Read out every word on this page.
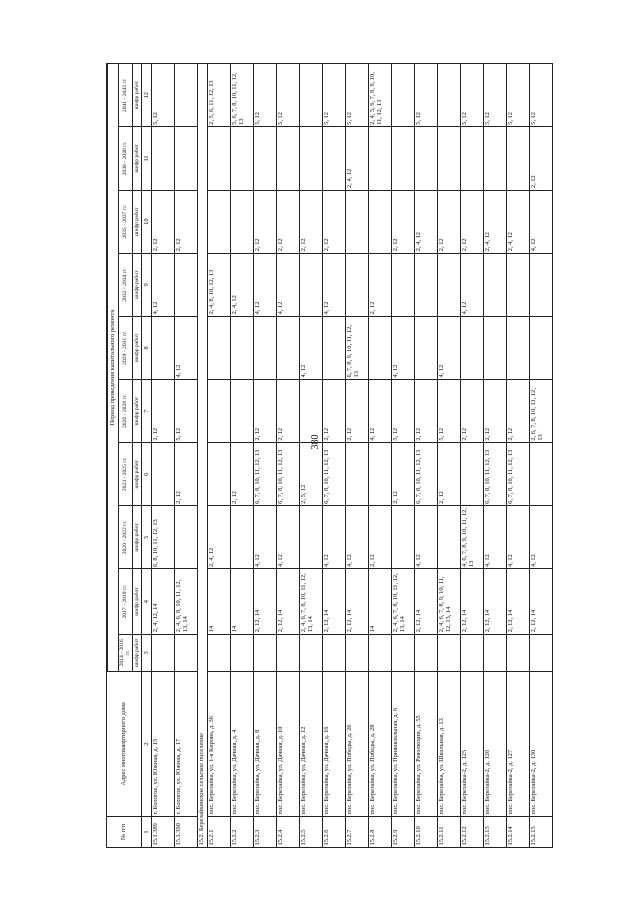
380
№ п/п	Адрес многоквартирного дома										
		Период проведения капитального ремонта									
		2014 - 2016 гг.	2017 - 2019 гг.	2020 - 2022 гг.	2023 - 2025 гг.	2026 - 2028 гг.	2029 - 2031 гг.	2032 - 2034 гг.	2035 - 2037 гг.	2038 - 2040 гг.	2041 - 2043 гг.
		шифр работ	шифр работ	шифр работ	шифр работ	шифр работ	шифр работ	шифр работ	шифр работ	шифр работ	шифр работ
1	2	3	4	5	6	7	8	9	10	11	12
15.1.389	г. Бологое, ул. Южная, д. 15		2, 4, 12, 14	6, 8, 10, 11, 12, 13		2, 12		4, 12	2, 12		5, 12
15.1.390	г. Бологое, ул. Южная, д. 17		2, 4, 6, 8, 10, 11, 12, 13, 14		2, 12	5, 12	4, 12		2, 12		
15.2. Березайкинское сельское поселение											
15.2.1	пос. Березайка, ул. 1-я Кирова, д. 36		14	2, 4, 12				2, 4, 8, 10, 12, 13			2, 5, 6, 11, 12, 13
15.2.2	пос. Березайка, ул. Дачная, д. 4		14		2, 12			2, 4, 12			5, 6, 7, 8, 10, 11, 12, 13
15.2.3	пос. Березайка, ул. Дачная, д. 8		2, 12, 14	4, 12	6, 7, 8, 10, 11, 12, 13	2, 12		4, 12	2, 12		5, 12
15.2.4	пос. Березайка, ул. Дачная, д. 10		2, 12, 14	4, 12	6, 7, 8, 10, 11, 12, 13	2, 12		4, 12	2, 12		5, 12
15.2.5	пос. Березайка, ул. Дачная, д. 12		2, 4, 6, 7, 8, 10, 11, 12, 13, 14		2, 5, 12		4, 12		2, 12		
15.2.6	пос. Березайка, ул. Дачная, д. 16		2, 12, 14	4, 12	6, 7, 8, 10, 11, 12, 13	2, 12		4, 12	2, 12		5, 12
15.2.7	пос. Березайка, ул. Победы, д. 26		2, 12, 14	4, 12		2, 12	6, 7, 8, 9, 10, 11, 12, 13			2, 4, 12	5, 12
15.2.8	пос. Березайка, ул. Победы, д. 28		14	2, 12		4, 12		2, 12			2, 4, 5, 6, 7, 8, 9, 10, 11, 12, 13
15.2.9	пос. Березайка, ул. Привокзальная, д. 6		2, 4, 6, 7, 8, 10, 11, 12, 13, 14		2, 12	5, 12	4, 12		2, 12		
15.2.10	пос. Березайка, ул. Революции, д. 55		2, 12, 14	4, 12	6, 7, 8, 10, 11, 12, 13	2, 12			2, 4, 12		5, 12
15.2.11	пос. Березайка, ул. Школьная, д. 13		2, 4, 6, 7, 8, 9, 10, 11, 12, 13, 14		2, 12	5, 12	4, 12		2, 12		
15.2.12	пос. Березайка-2, д. 125		2, 12, 14	4, 6, 7, 8, 9, 10, 11, 12, 13		2, 12		4, 12	2, 12		5, 12
15.2.13	пос. Березайка-2, д. 126		2, 12, 14	4, 12	6, 7, 8, 10, 11, 12, 13	2, 12			2, 4, 12		5, 12
15.2.14	пос. Березайка-2, д. 127		2, 12, 14	4, 12	6, 7, 8, 10, 11, 12, 13	2, 12			2, 4, 12		5, 12
15.2.15	пос. Березайка-2, д. 130		2, 12, 14	4, 12		2, 6, 7, 8, 10, 11, 12, 13			4, 12	2, 12	5, 12
